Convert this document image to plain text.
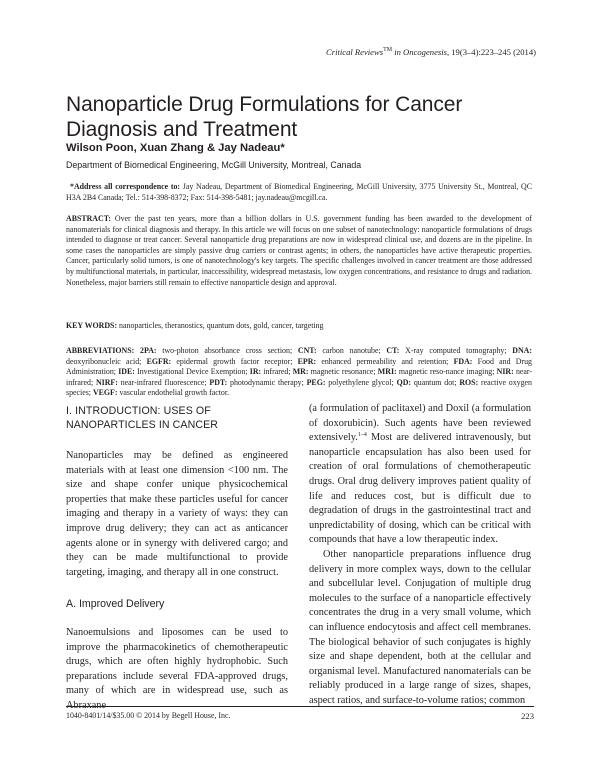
Critical Reviews™ in Oncogenesis, 19(3–4):223–245 (2014)
Nanoparticle Drug Formulations for Cancer Diagnosis and Treatment
Wilson Poon, Xuan Zhang & Jay Nadeau*
Department of Biomedical Engineering, McGill University, Montreal, Canada
*Address all correspondence to: Jay Nadeau, Department of Biomedical Engineering, McGill University, 3775 University St., Montreal, QC H3A 2B4 Canada; Tel.: 514-398-8372; Fax: 514-398-5481; jay.nadeau@mcgill.ca.
ABSTRACT: Over the past ten years, more than a billion dollars in U.S. government funding has been awarded to the development of nanomaterials for clinical diagnosis and therapy. In this article we will focus on one subset of nanotechnology: nanoparticle formulations of drugs intended to diagnose or treat cancer. Several nanoparticle drug preparations are now in widespread clinical use, and dozens are in the pipeline. In some cases the nanoparticles are simply passive drug carriers or contrast agents; in others, the nanoparticles have active therapeutic properties. Cancer, particularly solid tumors, is one of nanotechnology's key targets. The specific challenges involved in cancer treatment are those addressed by multifunctional materials, in particular, inaccessibility, widespread metastasis, low oxygen concentrations, and resistance to drugs and radiation. Nonetheless, major barriers still remain to effective nanoparticle design and approval.
KEY WORDS: nanoparticles, theranostics, quantum dots, gold, cancer, targeting
ABBREVIATIONS: 2PA: two-photon absorbance cross section; CNT: carbon nanotube; CT: X-ray computed tomography; DNA: deoxyribonucleic acid; EGFR: epidermal growth factor receptor; EPR: enhanced permeability and retention; FDA: Food and Drug Administration; IDE: Investigational Device Exemption; IR: infrared; MR: magnetic resonance; MRI: magnetic reso-nance imaging; NIR: near-infrared; NIRF: near-infrared fluorescence; PDT: photodynamic therapy; PEG: polyethylene glycol; QD: quantum dot; ROS: reactive oxygen species; VEGF: vascular endothelial growth factor.

I. INTRODUCTION: USES OF NANOPARTICLES IN CANCER

Nanoparticles may be defined as engineered materials with at least one dimension <100 nm. The size and shape confer unique physicochemical properties that make these particles useful for cancer imaging and therapy in a variety of ways: they can improve drug delivery; they can act as anticancer agents alone or in synergy with delivered cargo; and they can be made multifunctional to provide targeting, imaging, and therapy all in one construct.

A. Improved Delivery

Nanoemulsions and liposomes can be used to improve the pharmacokinetics of chemotherapeutic drugs, which are often highly hydrophobic. Such preparations include several FDA-approved drugs, many of which are in widespread use, such as Abraxane

(a formulation of paclitaxel) and Doxil (a formulation of doxorubicin). Such agents have been reviewed extensively.$^{1-4}$ Most are delivered intravenously, but nanoparticle encapsulation has also been used for creation of oral formulations of chemotherapeutic drugs. Oral drug delivery improves patient quality of life and reduces cost, but is difficult due to degradation of drugs in the gastrointestinal tract and unpredictability of dosing, which can be critical with compounds that have a low therapeutic index.

Other nanoparticle preparations influence drug delivery in more complex ways, down to the cellular and subcellular level. Conjugation of multiple drug molecules to the surface of a nanoparticle effectively concentrates the drug in a very small volume, which can influence endocytosis and affect cell membranes. The biological behavior of such conjugates is highly size and shape dependent, both at the cellular and organismal level. Manufactured nanomaterials can be reliably produced in a large range of sizes, shapes, aspect ratios, and surface-to-volume ratios; common

1040-8401/14/$35.00 © 2014 by Begell House, Inc.	223
